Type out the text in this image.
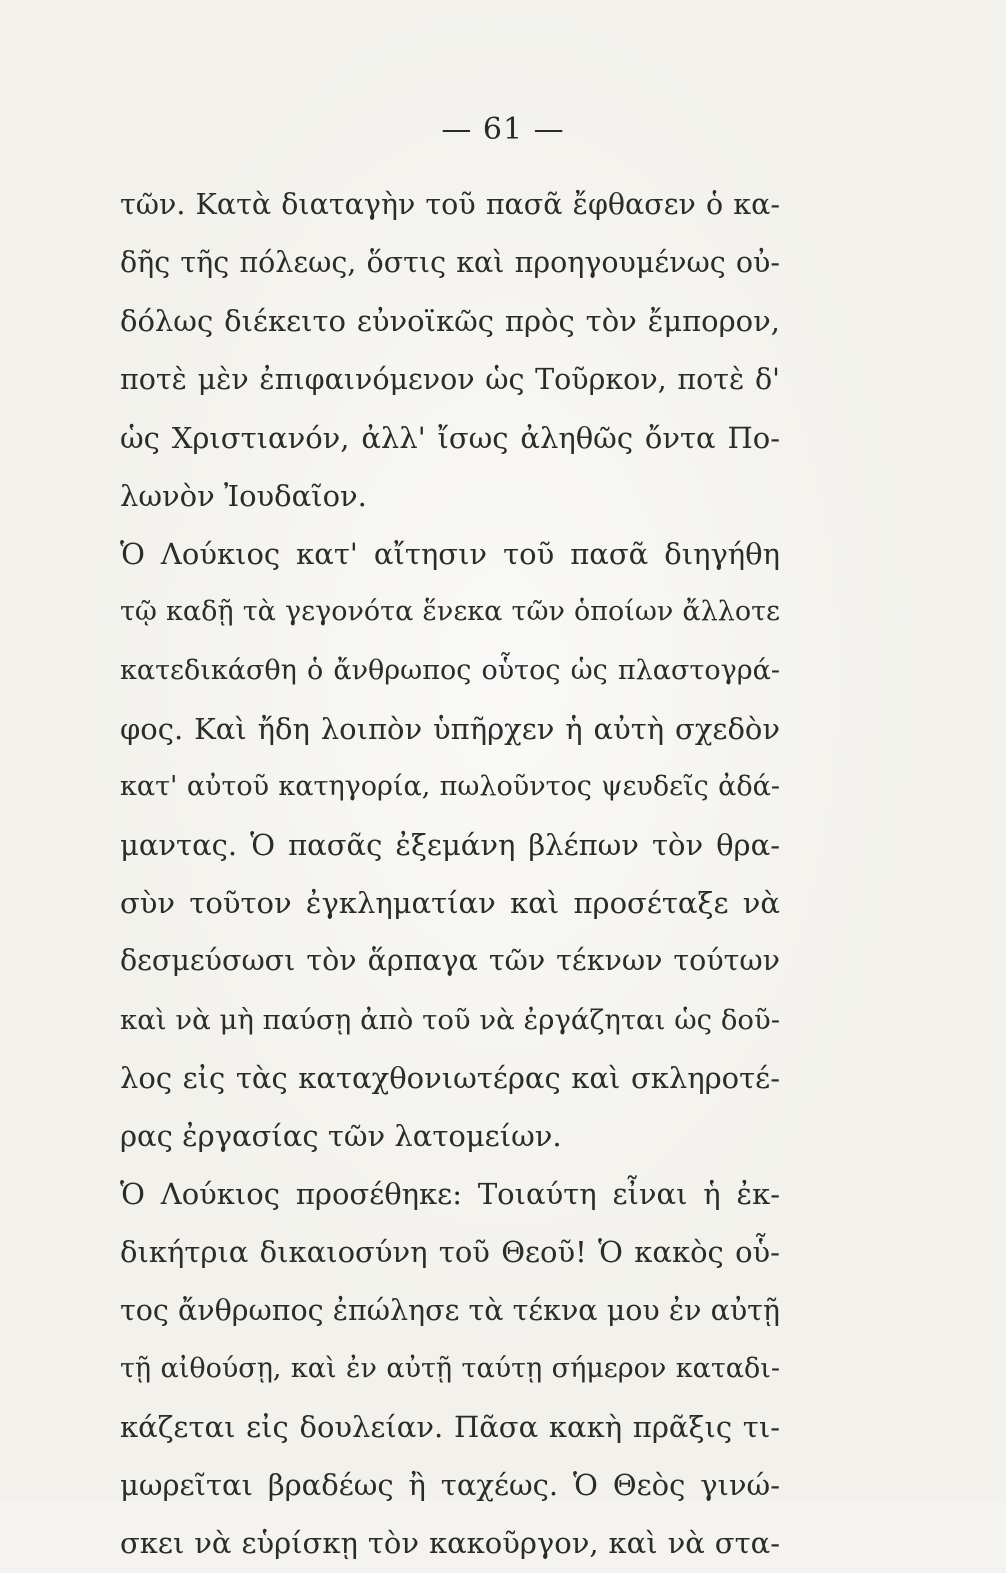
— 61 —
τῶν. Κατὰ διαταγὴν τοῦ πασᾶ ἔφθασεν ὁ κα-
δῆς τῆς πόλεως, ὅστις καὶ προηγουμένως οὐ-
δόλως διέκειτο εὐνοϊκῶς πρὸς τὸν ἔμπορον,
ποτὲ μὲν ἐπιφαινόμενον ὡς Τοῦρκον, ποτὲ δ'
ὡς Χριστιανόν, ἀλλ' ἴσως ἀληθῶς ὄντα Πο-
λωνὸν Ἰουδαῖον.
Ὁ Λούκιος κατ' αἴτησιν τοῦ πασᾶ διηγήθη
τῷ καδῇ τὰ γεγονότα ἕνεκα τῶν ὁποίων ἄλλοτε
κατεδικάσθη ὁ ἄνθρωπος οὗτος ὡς πλαστογρά-
φος. Καὶ ἤδη λοιπὸν ὑπῆρχεν ἡ αὐτὴ σχεδὸν
κατ' αὐτοῦ κατηγορία, πωλοῦντος ψευδεῖς ἀδά-
μαντας. Ὁ πασᾶς ἐξεμάνη βλέπων τὸν θρα-
σὺν τοῦτον ἐγκληματίαν καὶ προσέταξε νὰ
δεσμεύσωσι τὸν ἅρπαγα τῶν τέκνων τούτων
καὶ νὰ μὴ παύσῃ ἀπὸ τοῦ νὰ ἐργάζηται ὡς δοῦ-
λος εἰς τὰς καταχθονιωτέρας καὶ σκληροτέ-
ρας ἐργασίας τῶν λατομείων.
Ὁ Λούκιος προσέθηκε: Τοιαύτη εἶναι ἡ ἐκ-
δικήτρια δικαιοσύνη τοῦ Θεοῦ! Ὁ κακὸς οὗ-
τος ἄνθρωπος ἐπώλησε τὰ τέκνα μου ἐν αὐτῇ
τῇ αἰθούσῃ, καὶ ἐν αὐτῇ ταύτῃ σήμερον καταδι-
κάζεται εἰς δουλείαν. Πᾶσα κακὴ πρᾶξις τι-
μωρεῖται βραδέως ἢ ταχέως. Ὁ Θεὸς γινώ-
σκει νὰ εὑρίσκῃ τὸν κακοῦργον, καὶ νὰ στα-
